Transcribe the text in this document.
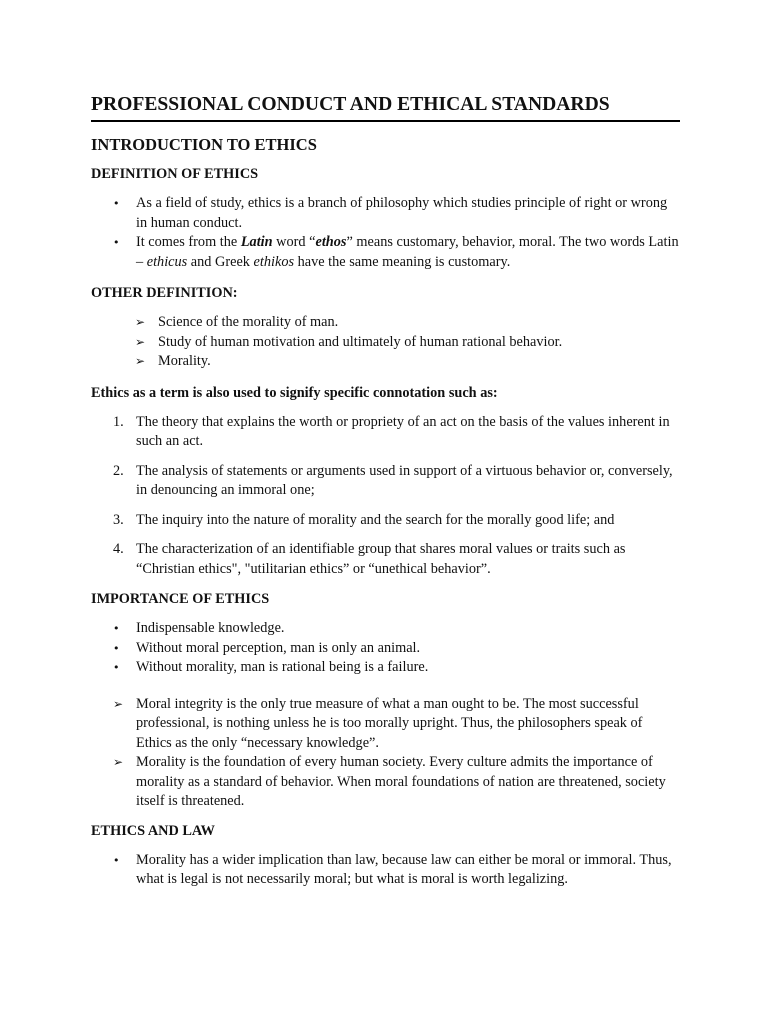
PROFESSIONAL CONDUCT AND ETHICAL STANDARDS
INTRODUCTION TO ETHICS
DEFINITION OF ETHICS
• As a field of study, ethics is a branch of philosophy which studies principle of right or wrong in human conduct.
• It comes from the Latin word “ethos” means customary, behavior, moral. The two words Latin – ethicus and Greek ethikos have the same meaning is customary.
OTHER DEFINITION:
➢ Science of the morality of man.
➢ Study of human motivation and ultimately of human rational behavior.
➢ Morality.
Ethics as a term is also used to signify specific connotation such as:
1. The theory that explains the worth or propriety of an act on the basis of the values inherent in such an act.
2. The analysis of statements or arguments used in support of a virtuous behavior or, conversely, in denouncing an immoral one;
3. The inquiry into the nature of morality and the search for the morally good life; and
4. The characterization of an identifiable group that shares moral values or traits such as “Christian ethics", "utilitarian ethics” or “unethical behavior”.
IMPORTANCE OF ETHICS
• Indispensable knowledge.
• Without moral perception, man is only an animal.
• Without morality, man is rational being is a failure.
➢ Moral integrity is the only true measure of what a man ought to be. The most successful professional, is nothing unless he is too morally upright. Thus, the philosophers speak of Ethics as the only “necessary knowledge”.
➢ Morality is the foundation of every human society. Every culture admits the importance of morality as a standard of behavior. When moral foundations of nation are threatened, society itself is threatened.
ETHICS AND LAW
• Morality has a wider implication than law, because law can either be moral or immoral. Thus, what is legal is not necessarily moral; but what is moral is worth legalizing.
